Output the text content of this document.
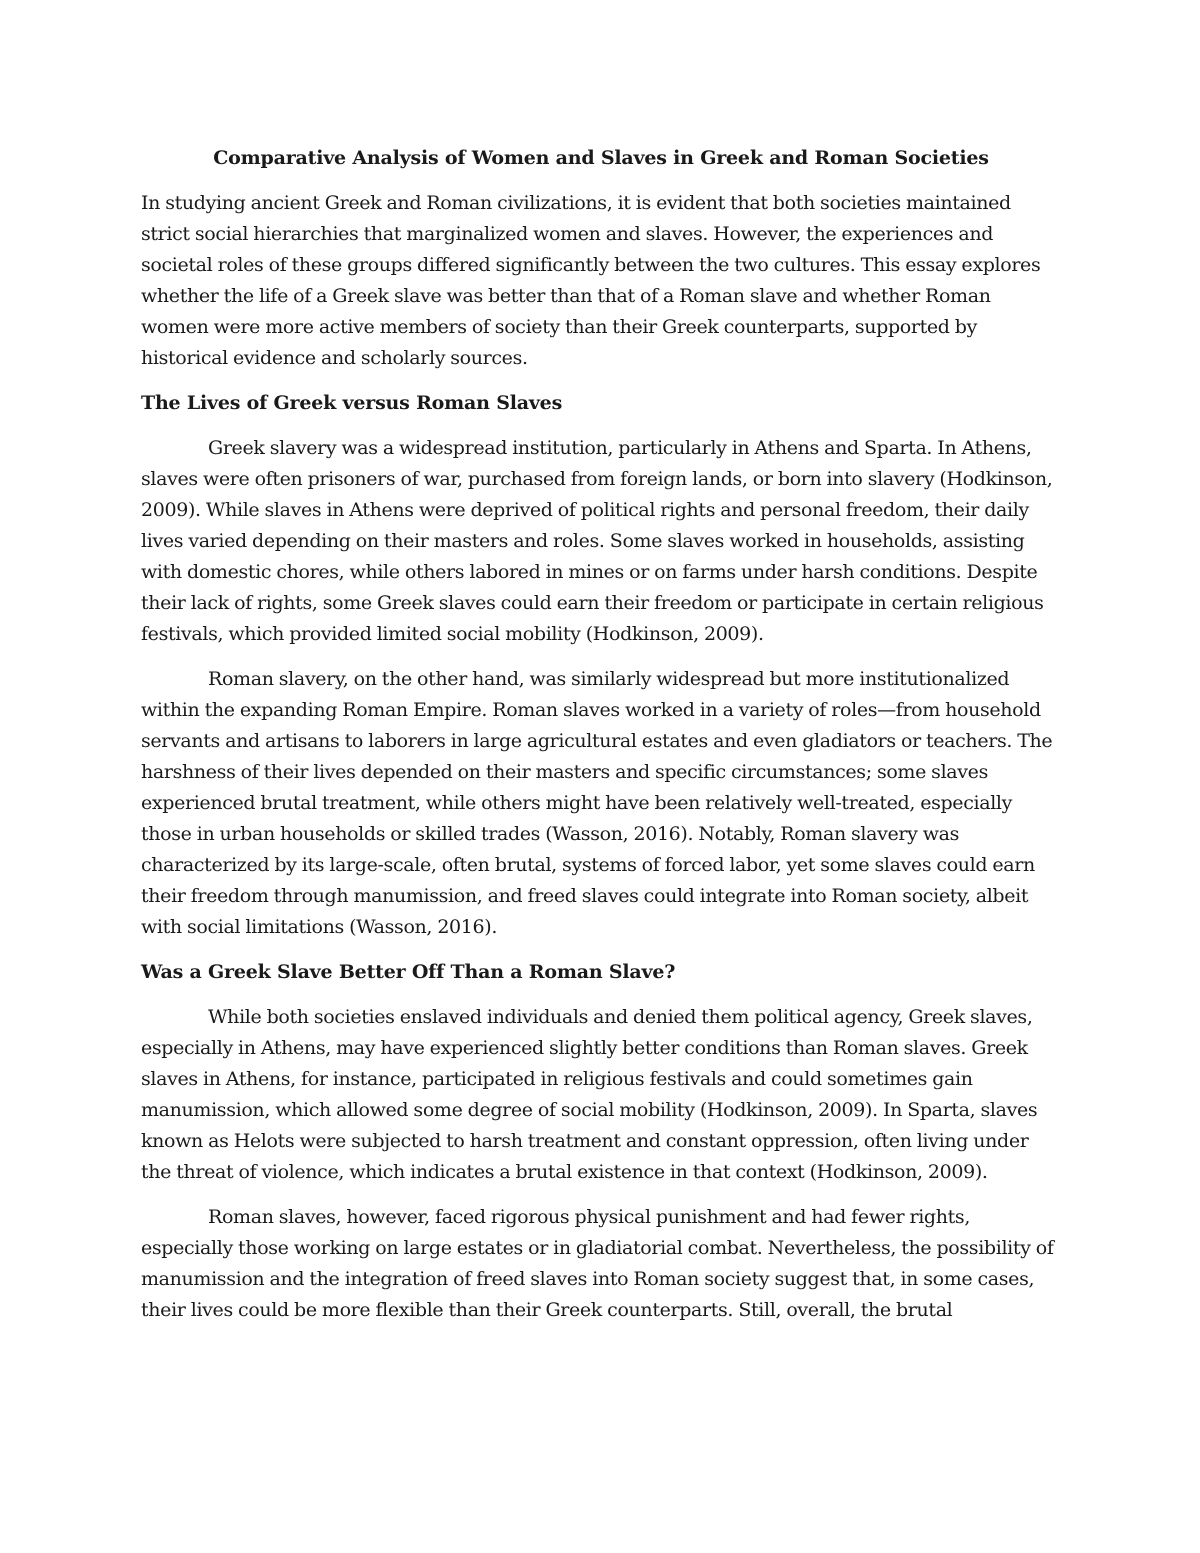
Comparative Analysis of Women and Slaves in Greek and Roman Societies

In studying ancient Greek and Roman civilizations, it is evident that both societies maintained strict social hierarchies that marginalized women and slaves. However, the experiences and societal roles of these groups differed significantly between the two cultures. This essay explores whether the life of a Greek slave was better than that of a Roman slave and whether Roman women were more active members of society than their Greek counterparts, supported by historical evidence and scholarly sources.

The Lives of Greek versus Roman Slaves

Greek slavery was a widespread institution, particularly in Athens and Sparta. In Athens, slaves were often prisoners of war, purchased from foreign lands, or born into slavery (Hodkinson, 2009). While slaves in Athens were deprived of political rights and personal freedom, their daily lives varied depending on their masters and roles. Some slaves worked in households, assisting with domestic chores, while others labored in mines or on farms under harsh conditions. Despite their lack of rights, some Greek slaves could earn their freedom or participate in certain religious festivals, which provided limited social mobility (Hodkinson, 2009).

Roman slavery, on the other hand, was similarly widespread but more institutionalized within the expanding Roman Empire. Roman slaves worked in a variety of roles—from household servants and artisans to laborers in large agricultural estates and even gladiators or teachers. The harshness of their lives depended on their masters and specific circumstances; some slaves experienced brutal treatment, while others might have been relatively well-treated, especially those in urban households or skilled trades (Wasson, 2016). Notably, Roman slavery was characterized by its large-scale, often brutal, systems of forced labor, yet some slaves could earn their freedom through manumission, and freed slaves could integrate into Roman society, albeit with social limitations (Wasson, 2016).

Was a Greek Slave Better Off Than a Roman Slave?

While both societies enslaved individuals and denied them political agency, Greek slaves, especially in Athens, may have experienced slightly better conditions than Roman slaves. Greek slaves in Athens, for instance, participated in religious festivals and could sometimes gain manumission, which allowed some degree of social mobility (Hodkinson, 2009). In Sparta, slaves known as Helots were subjected to harsh treatment and constant oppression, often living under the threat of violence, which indicates a brutal existence in that context (Hodkinson, 2009).

Roman slaves, however, faced rigorous physical punishment and had fewer rights, especially those working on large estates or in gladiatorial combat. Nevertheless, the possibility of manumission and the integration of freed slaves into Roman society suggest that, in some cases, their lives could be more flexible than their Greek counterparts. Still, overall, the brutal
